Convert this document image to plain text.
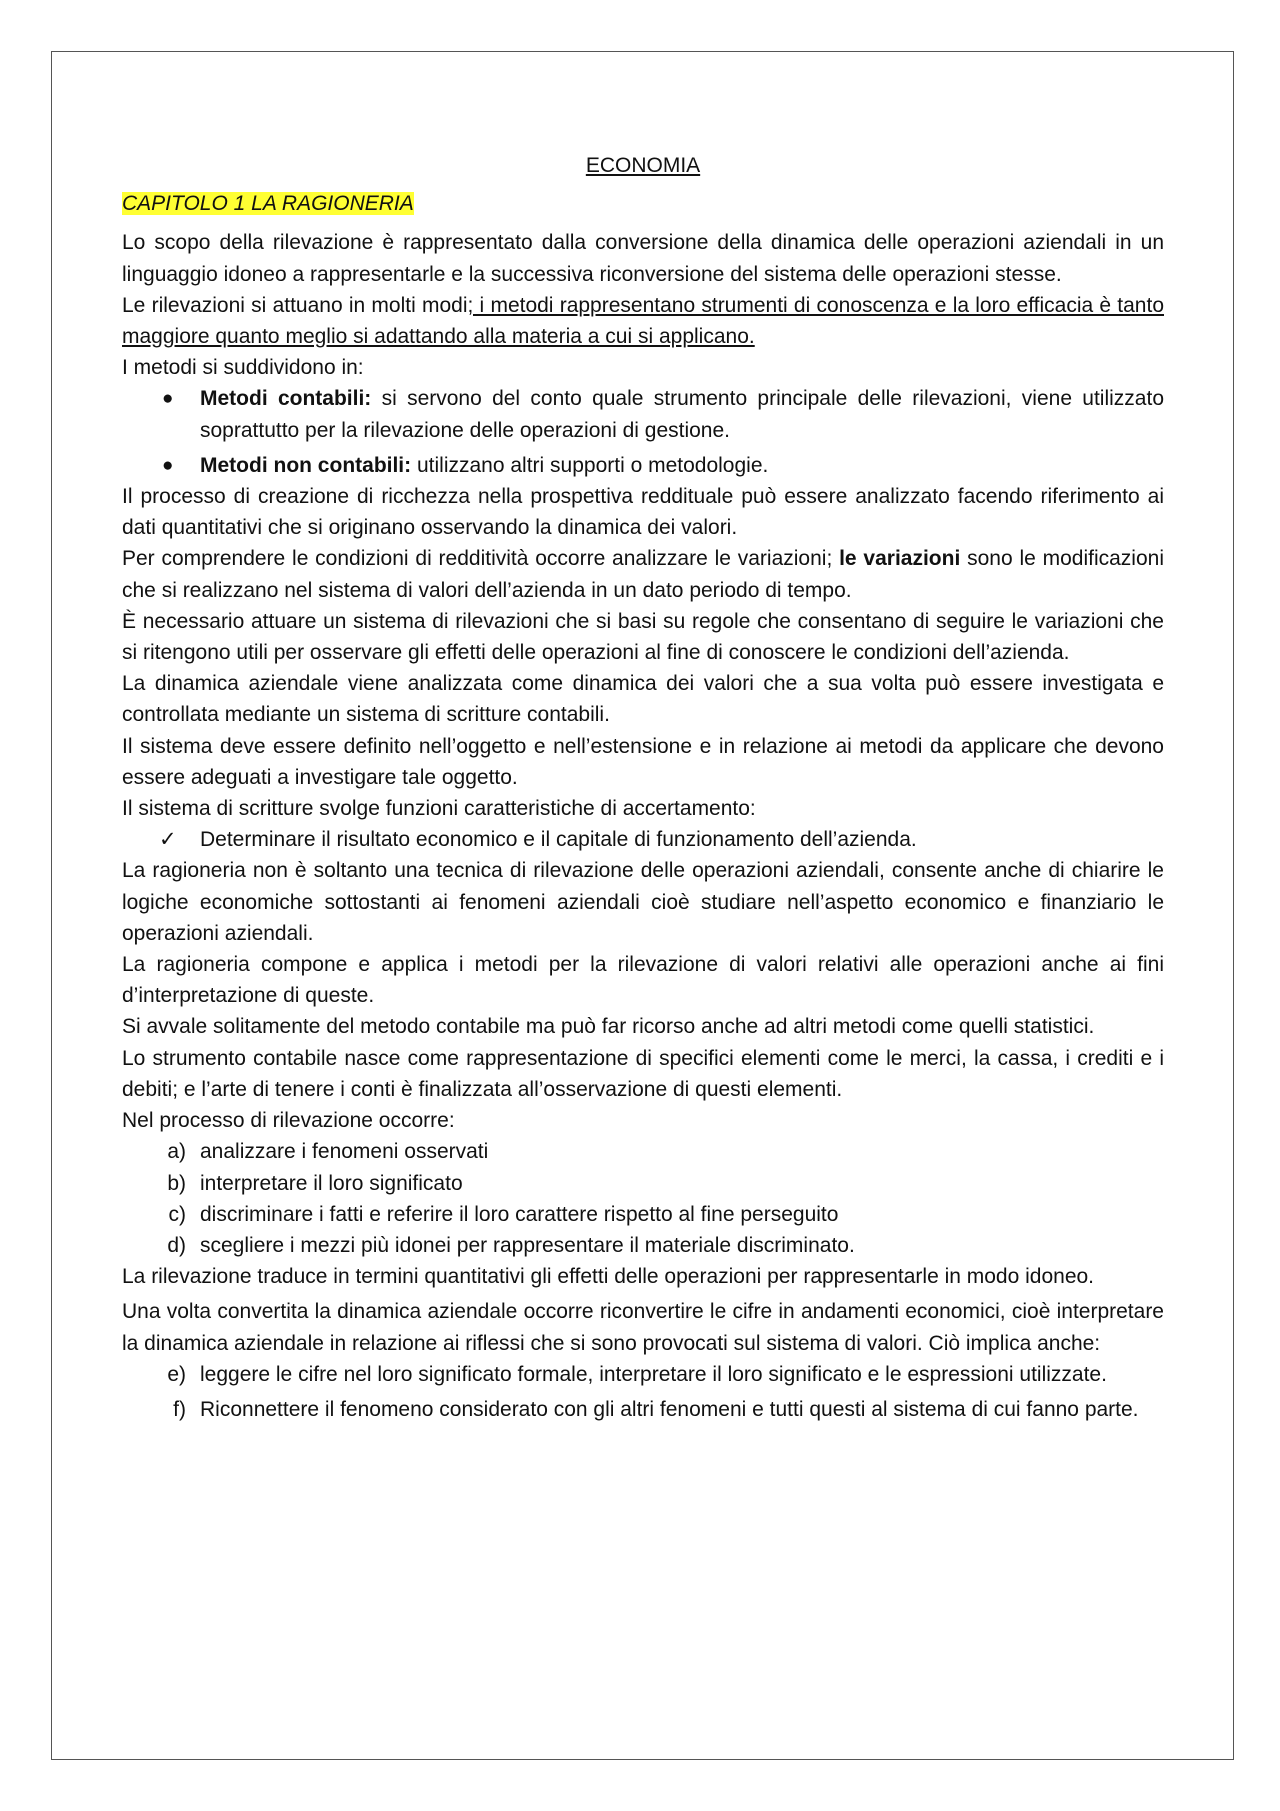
ECONOMIA
CAPITOLO 1 LA RAGIONERIA

Lo scopo della rilevazione è rappresentato dalla conversione della dinamica delle operazioni aziendali in un linguaggio idoneo a rappresentarle e la successiva riconversione del sistema delle operazioni stesse.

Le rilevazioni si attuano in molti modi; i metodi rappresentano strumenti di conoscenza e la loro efficacia è tanto maggiore quanto meglio si adattando alla materia a cui si applicano.

I metodi si suddividono in:

●	Metodi contabili: si servono del conto quale strumento principale delle rilevazioni, viene utilizzato soprattutto per la rilevazione delle operazioni di gestione.
●	Metodi non contabili: utilizzano altri supporti o metodologie.

Il processo di creazione di ricchezza nella prospettiva reddituale può essere analizzato facendo riferimento ai dati quantitativi che si originano osservando la dinamica dei valori.

Per comprendere le condizioni di redditività occorre analizzare le variazioni; le variazioni sono le modificazioni che si realizzano nel sistema di valori dell’azienda in un dato periodo di tempo.

È necessario attuare un sistema di rilevazioni che si basi su regole che consentano di seguire le variazioni che si ritengono utili per osservare gli effetti delle operazioni al fine di conoscere le condizioni dell’azienda.

La dinamica aziendale viene analizzata come dinamica dei valori che a sua volta può essere investigata e controllata mediante un sistema di scritture contabili.

Il sistema deve essere definito nell’oggetto e nell’estensione e in relazione ai metodi da applicare che devono essere adeguati a investigare tale oggetto.

Il sistema di scritture svolge funzioni caratteristiche di accertamento:

✓	Determinare il risultato economico e il capitale di funzionamento dell’azienda.

La ragioneria non è soltanto una tecnica di rilevazione delle operazioni aziendali, consente anche di chiarire le logiche economiche sottostanti ai fenomeni aziendali cioè studiare nell’aspetto economico e finanziario le operazioni aziendali.

La ragioneria compone e applica i metodi per la rilevazione di valori relativi alle operazioni anche ai fini d’interpretazione di queste.

Si avvale solitamente del metodo contabile ma può far ricorso anche ad altri metodi come quelli statistici.

Lo strumento contabile nasce come rappresentazione di specifici elementi come le merci, la cassa, i crediti e i debiti; e l’arte di tenere i conti è finalizzata all’osservazione di questi elementi.

Nel processo di rilevazione occorre:

a) analizzare i fenomeni osservati
b) interpretare il loro significato
c) discriminare i fatti e referire il loro carattere rispetto al fine perseguito
d) scegliere i mezzi più idonei per rappresentare il materiale discriminato.

La rilevazione traduce in termini quantitativi gli effetti delle operazioni per rappresentarle in modo idoneo.

Una volta convertita la dinamica aziendale occorre riconvertire le cifre in andamenti economici, cioè interpretare la dinamica aziendale in relazione ai riflessi che si sono provocati sul sistema di valori. Ciò implica anche:

e) leggere le cifre nel loro significato formale, interpretare il loro significato e le espressioni utilizzate.
f) Riconnettere il fenomeno considerato con gli altri fenomeni e tutti questi al sistema di cui fanno parte.
